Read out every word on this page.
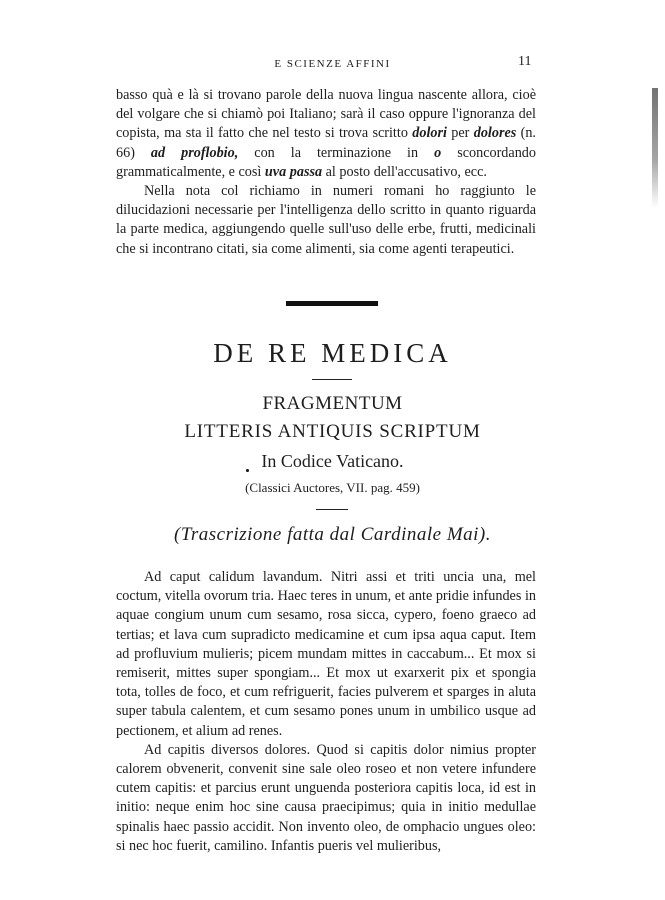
E SCIENZE AFFINI	11

basso quà e là si trovano parole della nuova lingua nascente allora, cioè del volgare che si chiamò poi Italiano; sarà il caso oppure l'ignoranza del copista, ma sta il fatto che nel testo si trova scritto dolori per dolores (n. 66) ad proflobio, con la terminazione in o sconcordando grammaticalmente, e così uva passa al posto dell'accusativo, ecc.

Nella nota col richiamo in numeri romani ho raggiunto le dilucidazioni necessarie per l'intelligenza dello scritto in quanto riguarda la parte medica, aggiungendo quelle sull'uso delle erbe, frutti, medicinali che si incontrano citati, sia come alimenti, sia come agenti terapeutici.

DE RE MEDICA
FRAGMENTUM
LITTERIS ANTIQUIS SCRIPTUM
In Codice Vaticano.
(Classici Auctores, VII. pag. 459)
(Trascrizione fatta dal Cardinale Mai).

Ad caput calidum lavandum. Nitri assi et triti uncia una, mel coctum, vitella ovorum tria. Haec teres in unum, et ante pridie infundes in aquae congium unum cum sesamo, rosa sicca, cypero, foeno graeco ad tertias; et lava cum supradicto medicamine et cum ipsa aqua caput. Item ad profluvium mulieris; picem mundam mittes in caccabum... Et mox si remiserit, mittes super spongiam... Et mox ut exarxerit pix et spongia tota, tolles de foco, et cum refriguerit, facies pulverem et sparges in aluta super tabula calentem, et cum sesamo pones unum in umbilico usque ad pectionem, et alium ad renes.

Ad capitis diversos dolores. Quod si capitis dolor nimius propter calorem obvenerit, convenit sine sale oleo roseo et non vetere infundere cutem capitis: et parcius erunt unguenda posteriora capitis loca, id est in initio: neque enim hoc sine causa praecipimus; quia in initio medullae spinalis haec passio accidit. Non invento oleo, de omphacio ungues oleo: si nec hoc fuerit, camilino. Infantis pueris vel mulieribus,
